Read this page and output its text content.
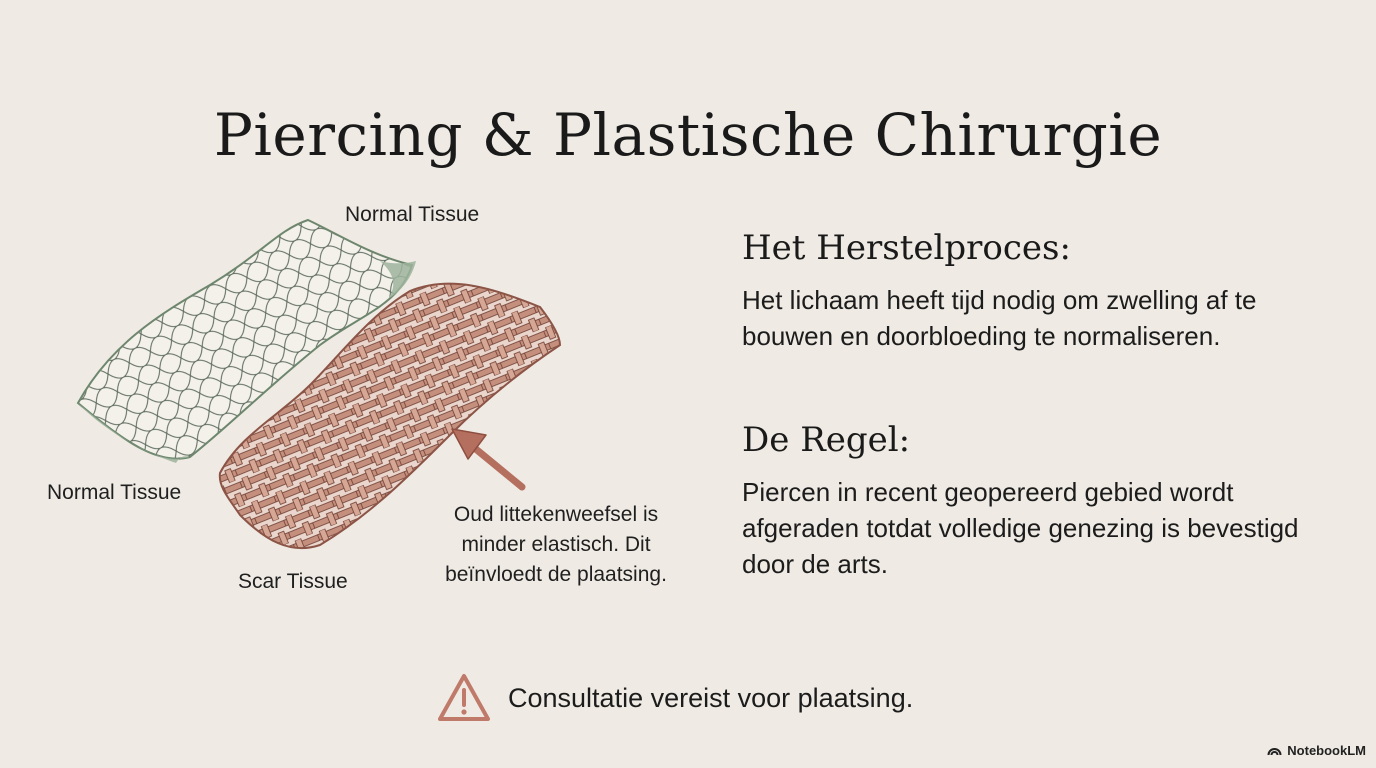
Piercing & Plastische Chirurgie
Normal Tissue
Normal Tissue
Scar Tissue
Oud littekenweefsel is minder elastisch. Dit beïnvloedt de plaatsing.
Het Herstelproces:

Het lichaam heeft tijd nodig om zwelling af te bouwen en doorbloeding te normaliseren.

De Regel:

Piercen in recent geopereerd gebied wordt afgeraden totdat volledige genezing is bevestigd door de arts.

Consultatie vereist voor plaatsing.
NotebookLM
